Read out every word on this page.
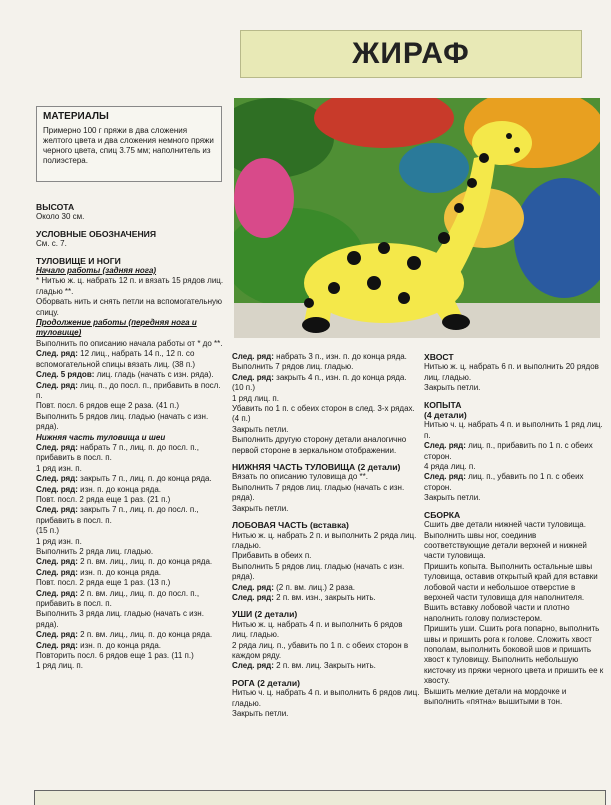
ЖИРАФ
МАТЕРИАЛЫ

Примерно 100 г пряжи в два сложения желтого цвета и два сложения немного пряжи черного цвета, спиц 3.75 мм; наполнитель из полиэстера.

ВЫСОТА

Около 30 см.

УСЛОВНЫЕ ОБОЗНАЧЕНИЯ

См. с. 7.

ТУЛОВИЩЕ И НОГИ

Начало работы (задняя нога)

* Нитью ж. ц. набрать 12 п. и вязать 15 рядов лиц. гладью **.

Оборвать нить и снять петли на вспомогательную спицу.

Продолжение работы (передняя нога и туловище)

Выполнить по описанию начала работы от * до **.

След. ряд: 12 лиц., набрать 14 п., 12 п. со вспомогательной спицы вязать лиц. (38 п.)

След. 5 рядов: лиц. гладь (начать с изн. ряда).

След. ряд: лиц. п., до посл. п., прибавить в посл. п.

Повт. посл. 6 рядов еще 2 раза. (41 п.)

Выполнить 5 рядов лиц. гладью (начать с изн. ряда).

Нижняя часть туловища и шеи

След. ряд: набрать 7 п., лиц. п. до посл. п., прибавить в посл. п.

1 ряд изн. п.

След. ряд: закрыть 7 п., лиц. п. до конца ряда.

След. ряд: изн. п. до конца ряда.

Повт. посл. 2 ряда еще 1 раз. (21 п.)

След. ряд: закрыть 7 п., лиц. п. до посл. п., прибавить в посл. п.

(15 п.)

1 ряд изн. п.

Выполнить 2 ряда лиц. гладью.

След. ряд: 2 п. вм. лиц., лиц. п. до конца ряда.

След. ряд: изн. п. до конца ряда.

Повт. посл. 2 ряда еще 1 раз. (13 п.)

След. ряд: 2 п. вм. лиц., лиц. п. до посл. п., прибавить в посл. п.

Выполнить 3 ряда лиц. гладью (начать с изн. ряда).

След. ряд: 2 п. вм. лиц., лиц. п. до конца ряда.

След. ряд: изн. п. до конца ряда.

Повторить посл. 6 рядов еще 1 раз. (11 п.)

1 ряд лиц. п.

След. ряд: набрать 3 п., изн. п. до конца ряда.

Выполнить 7 рядов лиц. гладью.

След. ряд: закрыть 4 п., изн. п. до конца ряда. (10 п.)

1 ряд лиц. п.

Убавить по 1 п. с обеих сторон в след. 3-х рядах. (4 п.)

Закрыть петли.

Выполнить другую сторону детали аналогично первой стороне в зеркальном отображении.

НИЖНЯЯ ЧАСТЬ ТУЛОВИЩА (2 детали)

Вязать по описанию туловища до **.

Выполнить 7 рядов лиц. гладью (начать с изн. ряда).

Закрыть петли.

ЛОБОВАЯ ЧАСТЬ (вставка)

Нитью ж. ц. набрать 2 п. и выполнить 2 ряда лиц. гладью.

Прибавить в обеих п.

Выполнить 5 рядов лиц. гладью (начать с изн. ряда).

След. ряд: (2 п. вм. лиц.) 2 раза.

След. ряд: 2 п. вм. изн., закрыть нить.

УШИ (2 детали)

Нитью ж. ц. набрать 4 п. и выполнить 6 рядов лиц. гладью.

2 ряда лиц. п., убавить по 1 п. с обеих сторон в каждом ряду.

След. ряд: 2 п. вм. лиц. Закрыть нить.

РОГА (2 детали)

Нитью ч. ц. набрать 4 п. и выполнить 6 рядов лиц. гладью.

Закрыть петли.

ХВОСТ

Нитью ж. ц. набрать 6 п. и выполнить 20 рядов лиц. гладью.

Закрыть петли.

КОПЫТА

(4 детали)

Нитью ч. ц. набрать 4 п. и выполнить 1 ряд лиц. п.

След. ряд: лиц. п., прибавить по 1 п. с обеих сторон.

4 ряда лиц. п.

След. ряд: лиц. п., убавить по 1 п. с обеих сторон.

Закрыть петли.

СБОРКА

Сшить две детали нижней части туловища. Выполнить швы ног, соединив соответствующие детали верхней и нижней части туловища.

Пришить копыта. Выполнить остальные швы туловища, оставив открытый край для вставки лобовой части и небольшое отверстие в верхней части туловища для наполнителя. Вшить вставку лобовой части и плотно наполнить голову полиэстером.

Пришить уши. Сшить рога попарно, выполнить швы и пришить рога к голове. Сложить хвост пополам, выполнить боковой шов и пришить хвост к туловищу. Выполнить небольшую кисточку из пряжи черного цвета и пришить ее к хвосту.

Вышить мелкие детали на мордочке и выполнить «пятна» вышитыми в тон.
